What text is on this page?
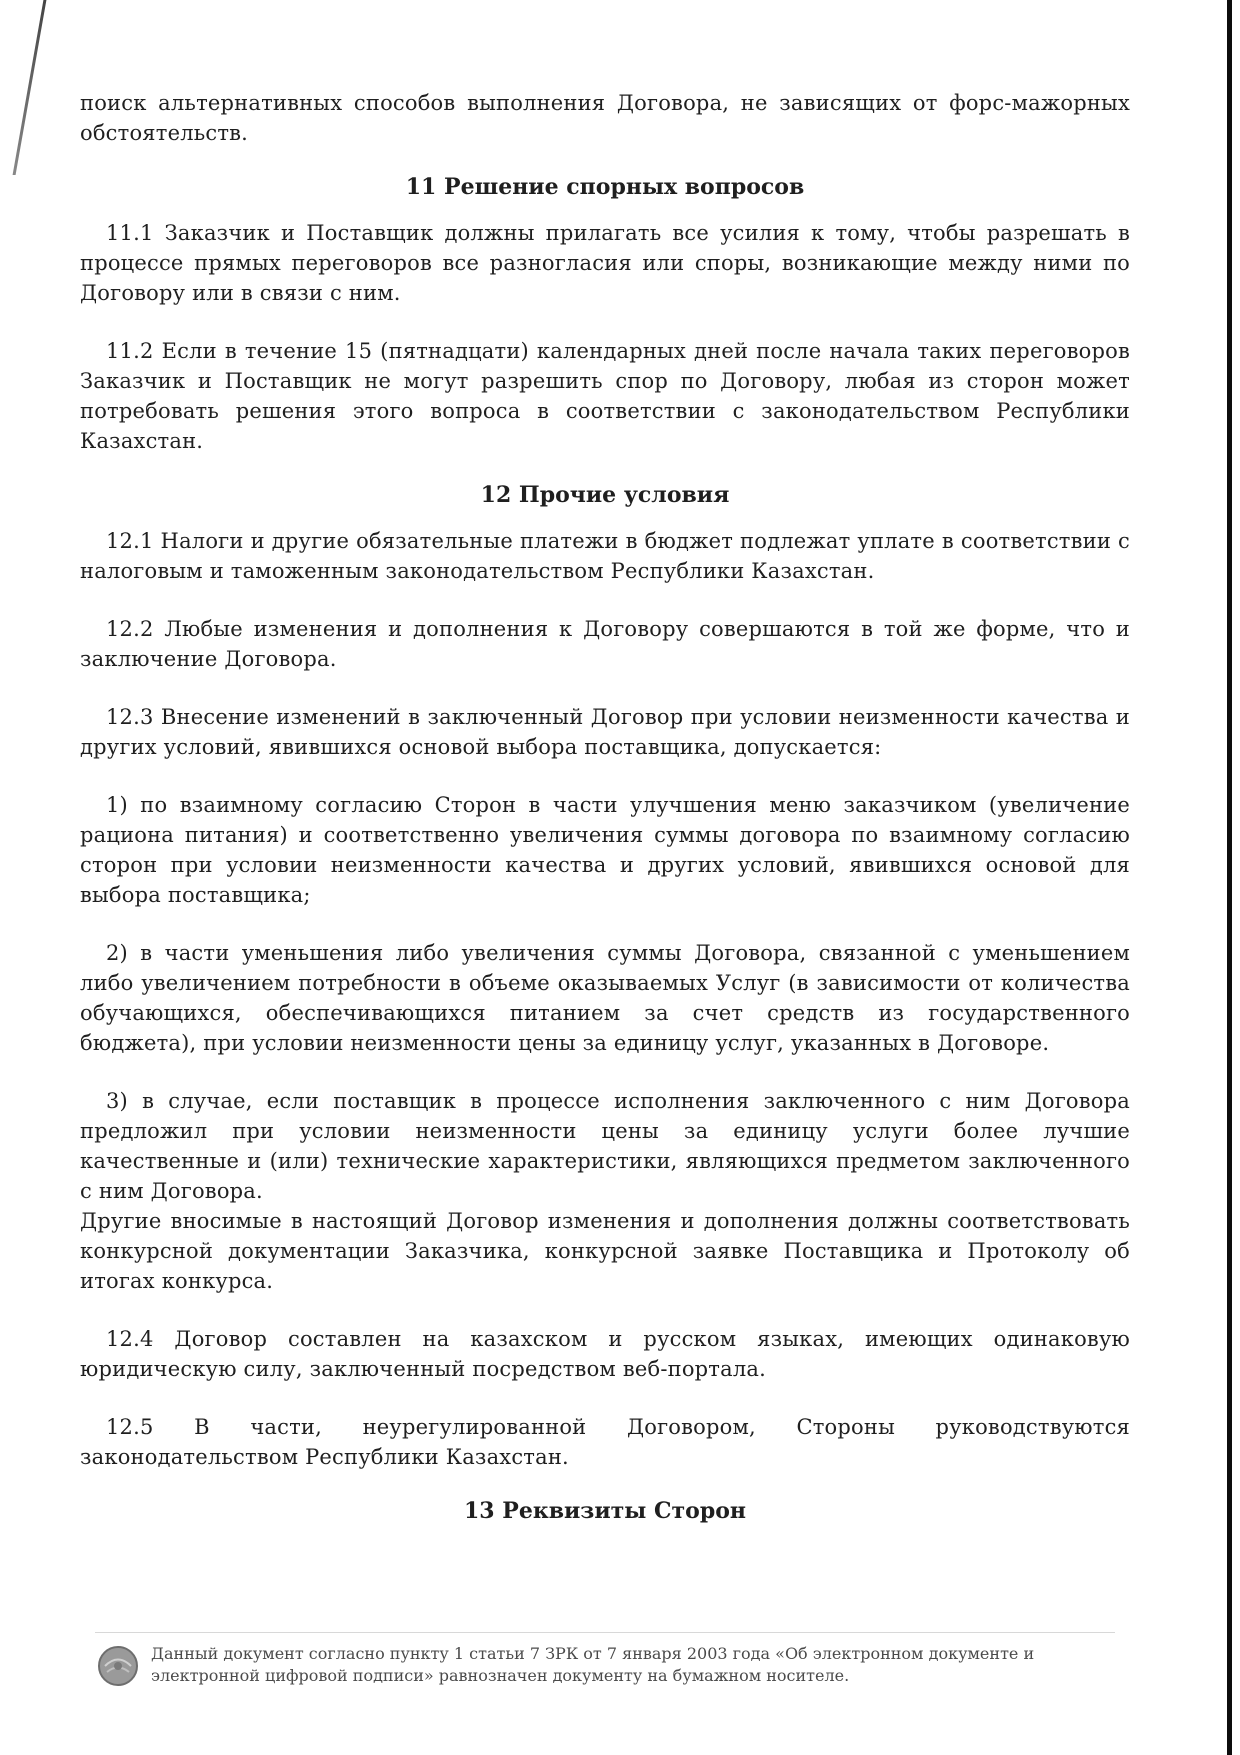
поиск альтернативных способов выполнения Договора, не зависящих от форс-мажорных обстоятельств.

11 Решение спорных вопросов

11.1 Заказчик и Поставщик должны прилагать все усилия к тому, чтобы разрешать в процессе прямых переговоров все разногласия или споры, возникающие между ними по Договору или в связи с ним.

11.2 Если в течение 15 (пятнадцати) календарных дней после начала таких переговоров Заказчик и Поставщик не могут разрешить спор по Договору, любая из сторон может потребовать решения этого вопроса в соответствии с законодательством Республики Казахстан.

12 Прочие условия

12.1 Налоги и другие обязательные платежи в бюджет подлежат уплате в соответствии с налоговым и таможенным законодательством Республики Казахстан.

12.2 Любые изменения и дополнения к Договору совершаются в той же форме, что и заключение Договора.

12.3 Внесение изменений в заключенный Договор при условии неизменности качества и других условий, явившихся основой выбора поставщика, допускается:

1) по взаимному согласию Сторон в части улучшения меню заказчиком (увеличение рациона питания) и соответственно увеличения суммы договора по взаимному согласию сторон при условии неизменности качества и других условий, явившихся основой для выбора поставщика;

2) в части уменьшения либо увеличения суммы Договора, связанной с уменьшением либо увеличением потребности в объеме оказываемых Услуг (в зависимости от количества обучающихся, обеспечивающихся питанием за счет средств из государственного бюджета), при условии неизменности цены за единицу услуг, указанных в Договоре.

3) в случае, если поставщик в процессе исполнения заключенного с ним Договора предложил при условии неизменности цены за единицу услуги более лучшие качественные и (или) технические характеристики, являющихся предметом заключенного с ним Договора.

Другие вносимые в настоящий Договор изменения и дополнения должны соответствовать конкурсной документации Заказчика, конкурсной заявке Поставщика и Протоколу об итогах конкурса.

12.4 Договор составлен на казахском и русском языках, имеющих одинаковую юридическую силу, заключенный посредством веб-портала.

12.5 В части, неурегулированной Договором, Стороны руководствуются законодательством Республики Казахстан.

13 Реквизиты Сторон
Данный документ согласно пункту 1 статьи 7 ЗРК от 7 января 2003 года «Об электронном документе и
электронной цифровой подписи» равнозначен документу на бумажном носителе.
